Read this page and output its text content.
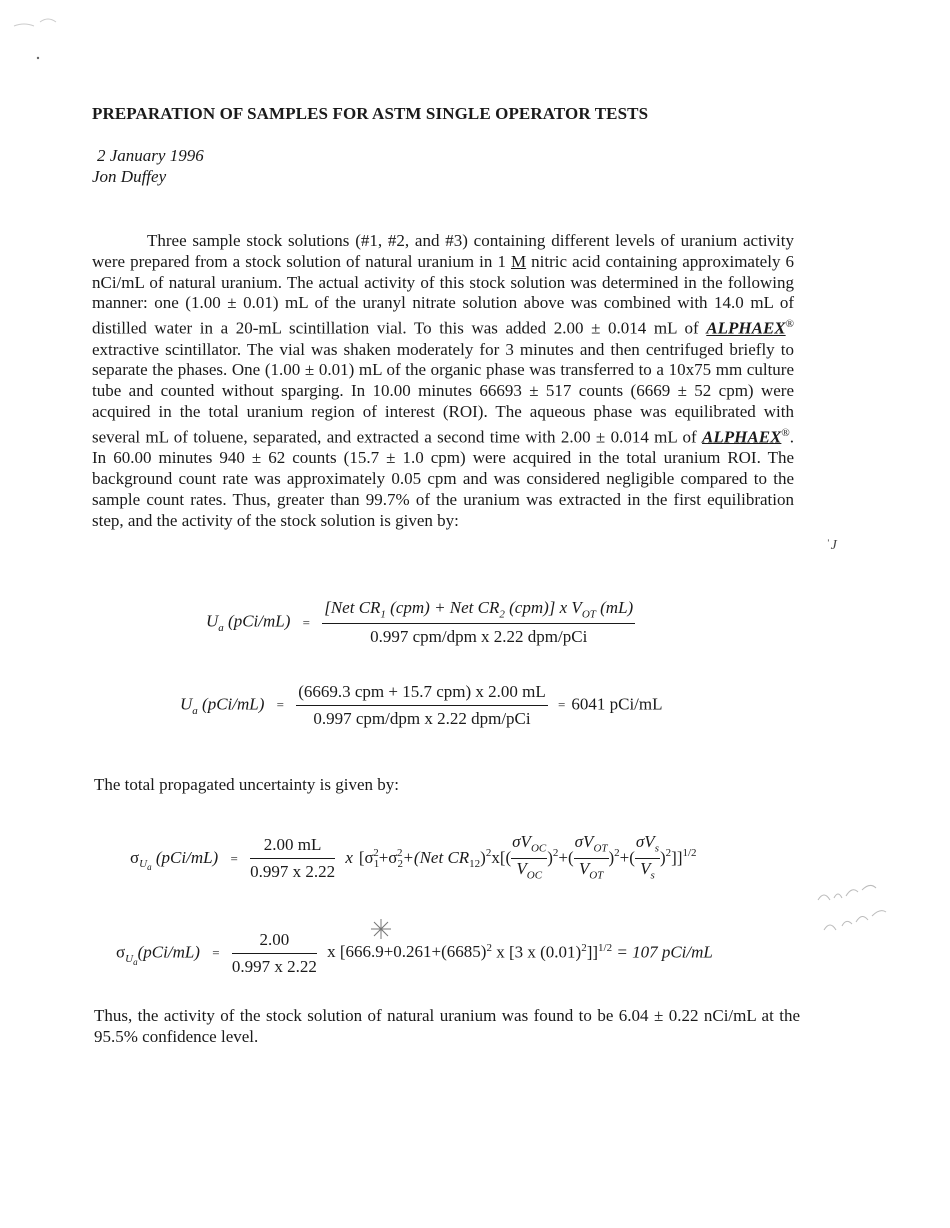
PREPARATION OF SAMPLES FOR ASTM SINGLE OPERATOR TESTS
2 January 1996
Jon Duffey
Three sample stock solutions (#1, #2, and #3) containing different levels of uranium activity were prepared from a stock solution of natural uranium in 1 M nitric acid containing approximately 6 nCi/mL of natural uranium. The actual activity of this stock solution was determined in the following manner: one (1.00 ± 0.01) mL of the uranyl nitrate solution above was combined with 14.0 mL of distilled water in a 20-mL scintillation vial. To this was added 2.00 ± 0.014 mL of ALPHAEX® extractive scintillator. The vial was shaken moderately for 3 minutes and then centrifuged briefly to separate the phases. One (1.00 ± 0.01) mL of the organic phase was transferred to a 10x75 mm culture tube and counted without sparging. In 10.00 minutes 66693 ± 517 counts (6669 ± 52 cpm) were acquired in the total uranium region of interest (ROI). The aqueous phase was equilibrated with several mL of toluene, separated, and extracted a second time with 2.00 ± 0.014 mL of ALPHAEX®. In 60.00 minutes 940 ± 62 counts (15.7 ± 1.0 cpm) were acquired in the total uranium ROI. The background count rate was approximately 0.05 cpm and was considered negligible compared to the sample count rates. Thus, greater than 99.7% of the uranium was extracted in the first equilibration step, and the activity of the stock solution is given by:
$U_a$ $(pCi/mL) = \frac{[Net CR_1 (cpm) + Net CR_2 (cpm)] x V_{OT} (mL)}{\text{0.997 cpm/dpm x 2.22 dpm/pCi}}$
$U_a$ $(pCi/mL) = \frac{\text{(6669.3 cpm + 15.7 cpm) x 2.00 mL}}{\text{0.997 cpm/dpm x 2.22 dpm/pCi}} = 6041$ pCi/mL
The total propagated uncertainty is given by:
$\sigma_{U_a}$ $(pCi/mL) = \frac{2.00 mL}{0.997 x 2.22}$ x [$\sigma_1^2+\sigma_2^2+(Net$ $CR_{12})^2x$[(
$\sigma V_{OC}$
$V_{OC}$
)$^2$+(
$\sigma V_{OT}$
$V_{OT}$
)$^2$+(
$\sigma V_s$
$V_s$
)$^2$]]$^{1/2}$
$\sigma_{U_a}(pCi/mL) = \frac{2.00}{0.997 x 2.22}$ x [$666.9+0.261+(6685)^2$ x [3 x $(0.01)^2]]^{1/2} = 107$ pCi/mL
Thus, the activity of the stock solution of natural uranium was found to be 6.04 ± 0.22 nCi/mL at the 95.5% confidence level.
ˈJ
